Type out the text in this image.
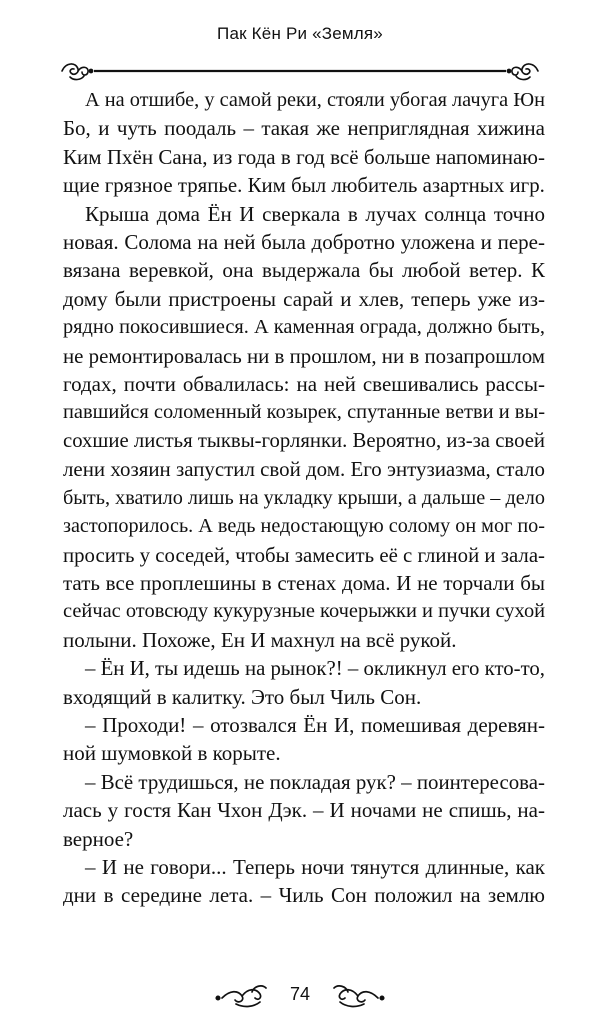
Пак Кён Ри «Земля»
А на отшибе, у самой реки, стояли убогая лачуга Юн
Бо, и чуть поодаль – такая же неприглядная хижина
Ким Пхён Сана, из года в год всё больше напоминаю-
щие грязное тряпье. Ким был любитель азартных игр.
Крыша дома Ён И сверкала в лучах солнца точно
новая. Солома на ней была добротно уложена и пере-
вязана веревкой, она выдержала бы любой ветер. К
дому были пристроены сарай и хлев, теперь уже из-
рядно покосившиеся. А каменная ограда, должно быть,
не ремонтировалась ни в прошлом, ни в позапрошлом
годах, почти обвалилась: на ней свешивались рассы-
павшийся соломенный козырек, спутанные ветви и вы-
сохшие листья тыквы-горлянки. Вероятно, из-за своей
лени хозяин запустил свой дом. Его энтузиазма, стало
быть, хватило лишь на укладку крыши, а дальше – дело
застопорилось. А ведь недостающую солому он мог по-
просить у соседей, чтобы замесить её с глиной и зала-
тать все проплешины в стенах дома. И не торчали бы
сейчас отовсюду кукурузные кочерыжки и пучки сухой
полыни. Похоже, Ен И махнул на всё рукой.
– Ён И, ты идешь на рынок?! – окликнул его кто-то,
входящий в калитку. Это был Чиль Сон.
– Проходи! – отозвался Ён И, помешивая деревян-
ной шумовкой в корыте.
– Всё трудишься, не покладая рук? – поинтересова-
лась у гостя Кан Чхон Дэк. – И ночами не спишь, на-
верное?
– И не говори... Теперь ночи тянутся длинные, как
дни в середине лета. – Чиль Сон положил на землю
74
